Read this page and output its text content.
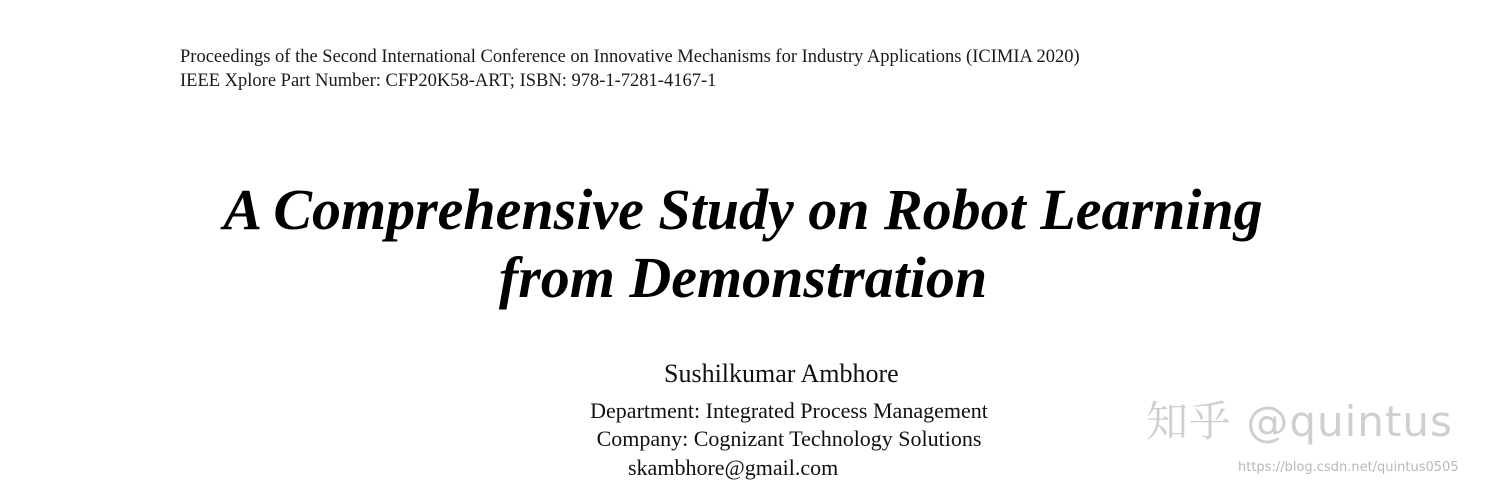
Proceedings of the Second International Conference on Innovative Mechanisms for Industry Applications (ICIMIA 2020)
IEEE Xplore Part Number: CFP20K58-ART; ISBN: 978-1-7281-4167-1
A Comprehensive Study on Robot Learning
from Demonstration
Sushilkumar Ambhore
Department: Integrated Process Management
Company: Cognizant Technology Solutions
skambhore@gmail.com
知乎 @quintus
https://blog.csdn.net/quintus0505
